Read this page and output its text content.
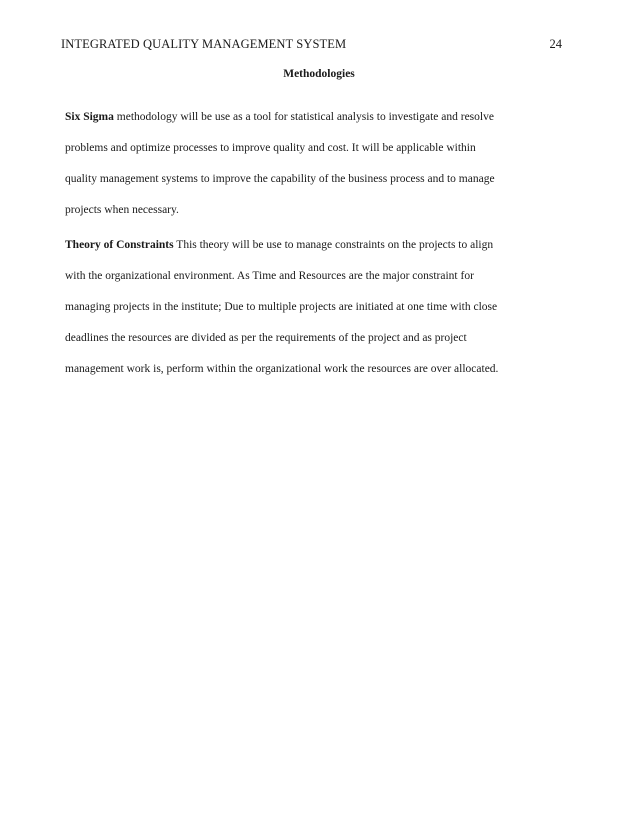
INTEGRATED QUALITY MANAGEMENT SYSTEM	24
Methodologies
Six Sigma methodology will be use as a tool for statistical analysis to investigate and resolve
problems and optimize processes to improve quality and cost. It will be applicable within
quality management systems to improve the capability of the business process and to manage
projects when necessary.
Theory of Constraints This theory will be use to manage constraints on the projects to align
with the organizational environment. As Time and Resources are the major constraint for
managing projects in the institute; Due to multiple projects are initiated at one time with close
deadlines the resources are divided as per the requirements of the project and as project
management work is, perform within the organizational work the resources are over allocated.
